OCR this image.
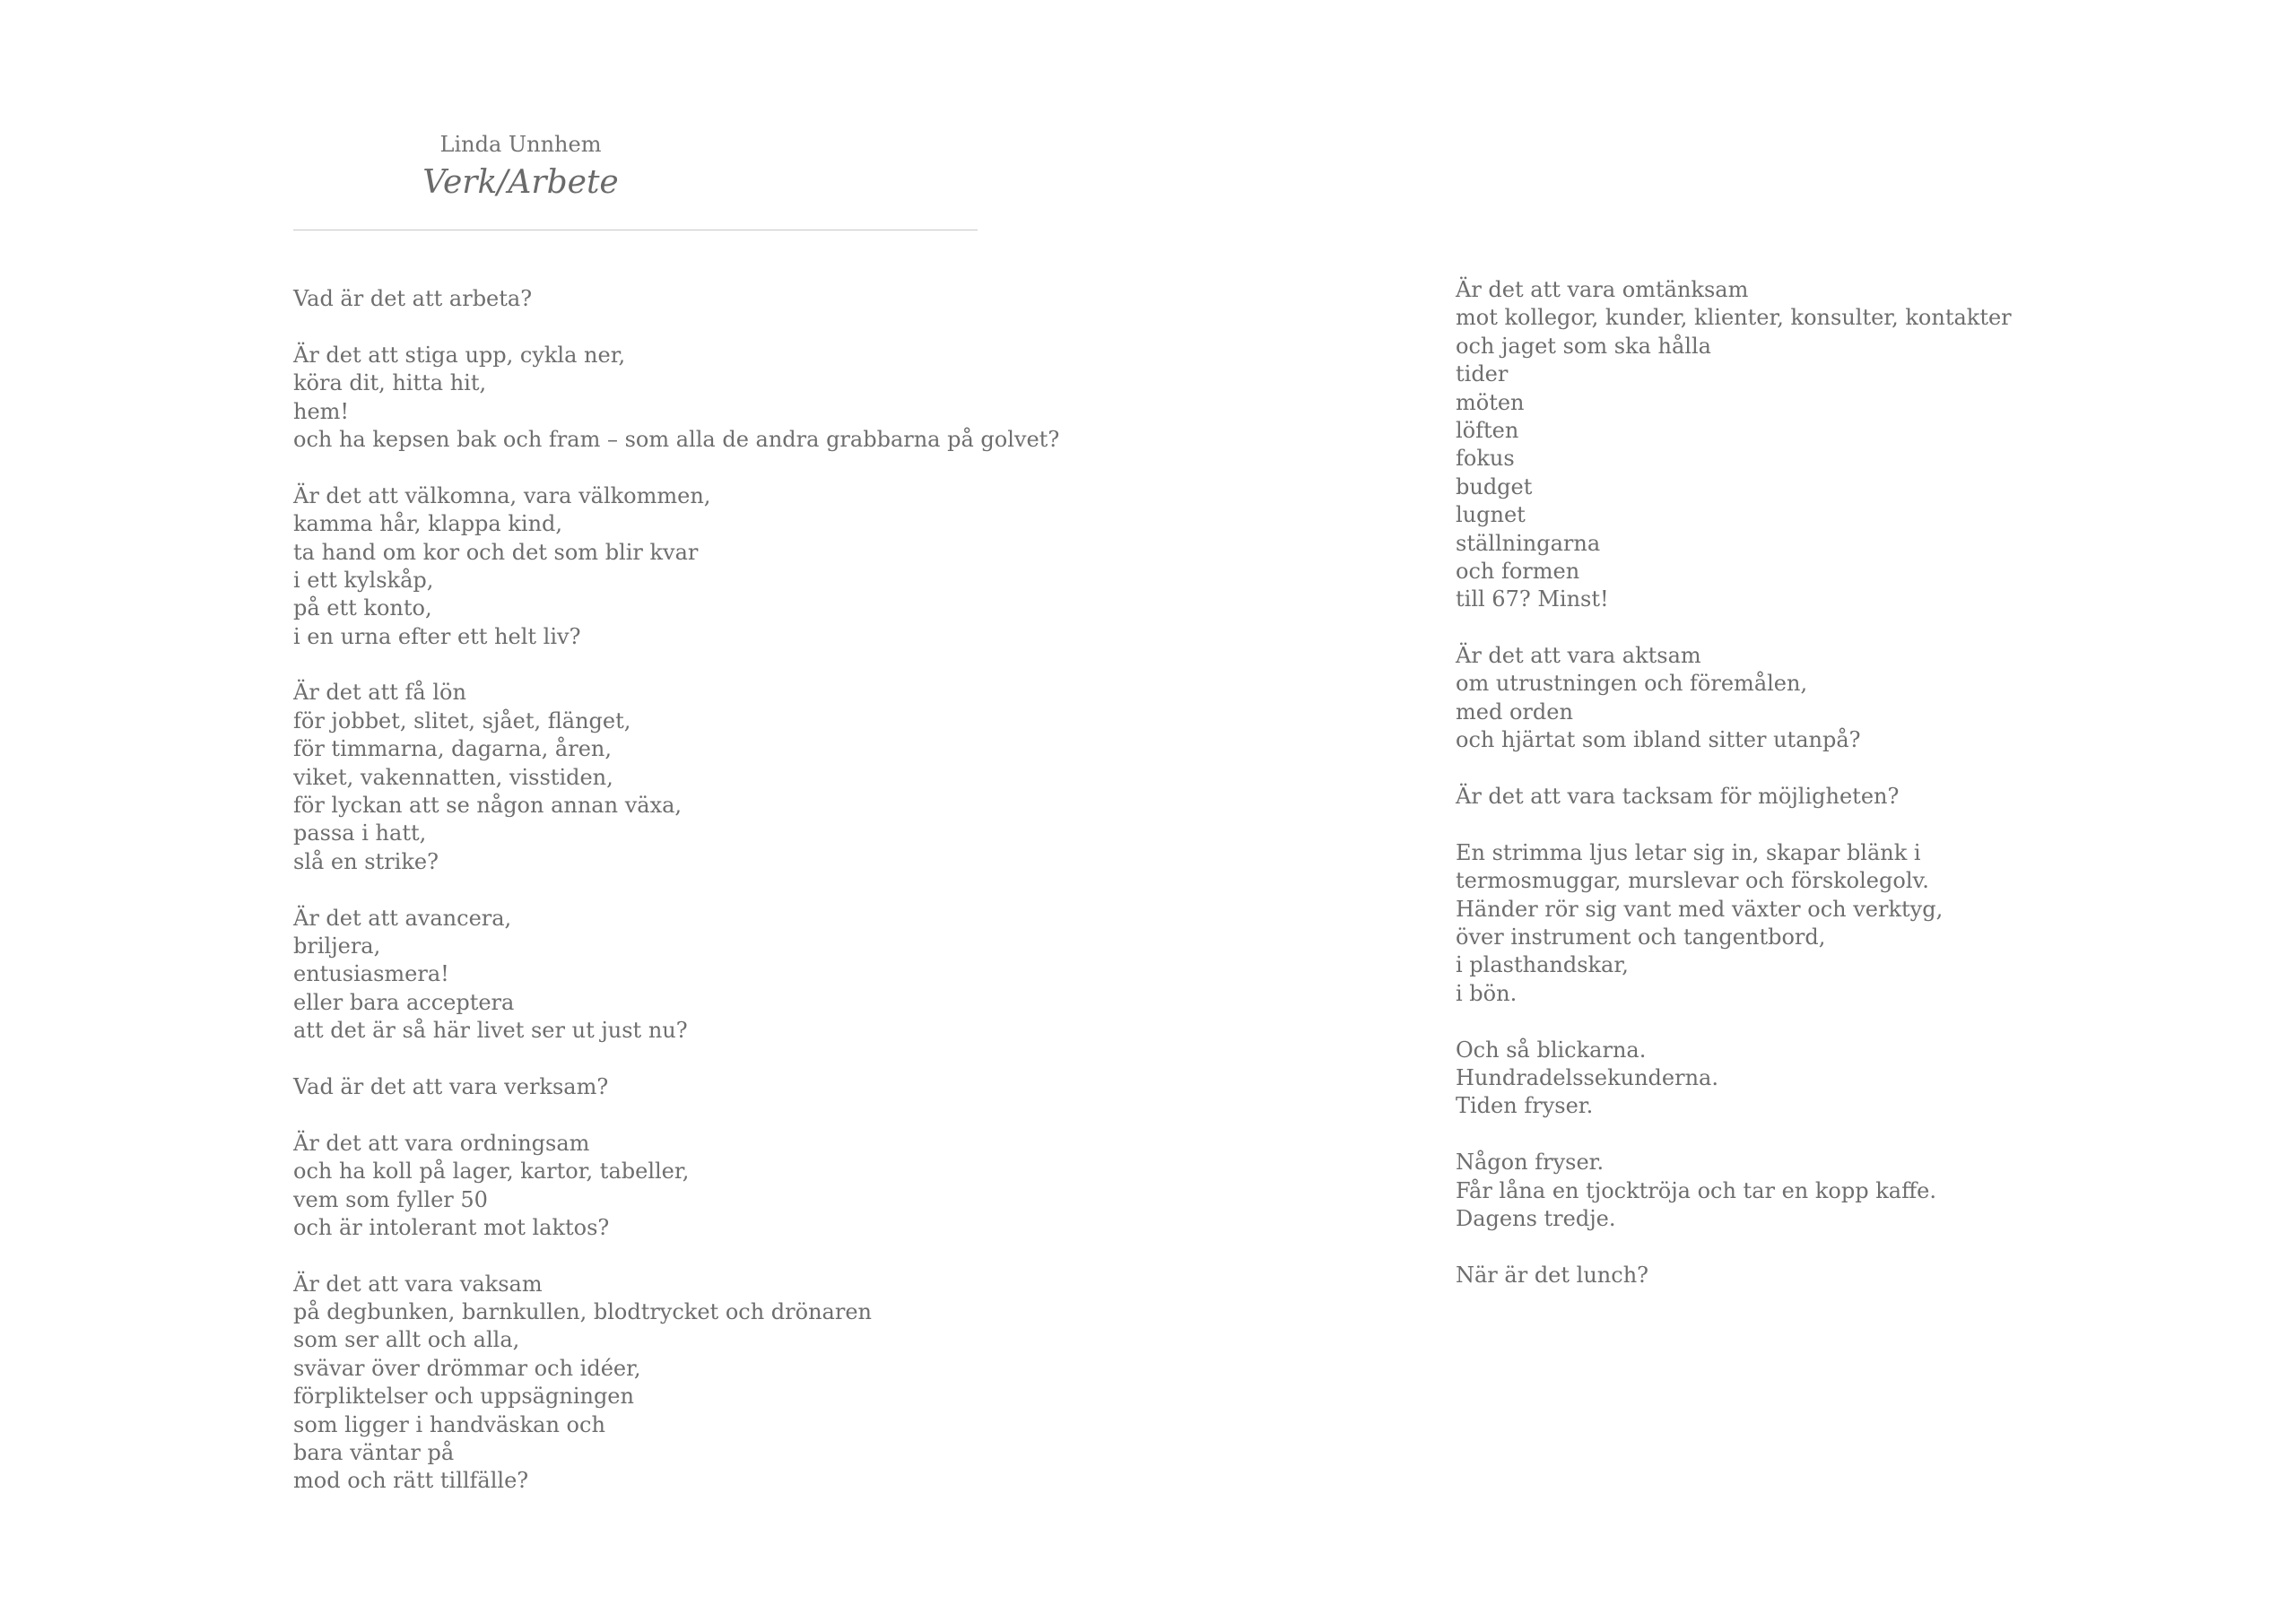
Linda Unnhem
Verk/Arbete
Vad är det att arbeta?
Är det att stiga upp, cykla ner,
köra dit, hitta hit,
hem!
och ha kepsen bak och fram – som alla de andra grabbarna på golvet?
Är det att välkomna, vara välkommen,
kamma hår, klappa kind,
ta hand om kor och det som blir kvar
i ett kylskåp,
på ett konto,
i en urna efter ett helt liv?
Är det att få lön
för jobbet, slitet, sjået, flänget,
för timmarna, dagarna, åren,
viket, vakennatten, visstiden,
för lyckan att se någon annan växa,
passa i hatt,
slå en strike?
Är det att avancera,
briljera,
entusiasmera!
eller bara acceptera
att det är så här livet ser ut just nu?
Vad är det att vara verksam?
Är det att vara ordningsam
och ha koll på lager, kartor, tabeller,
vem som fyller 50
och är intolerant mot laktos?
Är det att vara vaksam
på degbunken, barnkullen, blodtrycket och drönaren
som ser allt och alla,
svävar över drömmar och idéer,
förpliktelser och uppsägningen
som ligger i handväskan och
bara väntar på
mod och rätt tillfälle?
Är det att vara omtänksam
mot kollegor, kunder, klienter, konsulter, kontakter
och jaget som ska hålla
tider
möten
löften
fokus
budget
lugnet
ställningarna
och formen
till 67? Minst!
Är det att vara aktsam
om utrustningen och föremålen,
med orden
och hjärtat som ibland sitter utanpå?
Är det att vara tacksam för möjligheten?
En strimma ljus letar sig in, skapar blänk i
termosmuggar, murslevar och förskolegolv.
Händer rör sig vant med växter och verktyg,
över instrument och tangentbord,
i plasthandskar,
i bön.
Och så blickarna.
Hundradelssekunderna.
Tiden fryser.
Någon fryser.
Får låna en tjocktröja och tar en kopp kaffe.
Dagens tredje.
När är det lunch?
